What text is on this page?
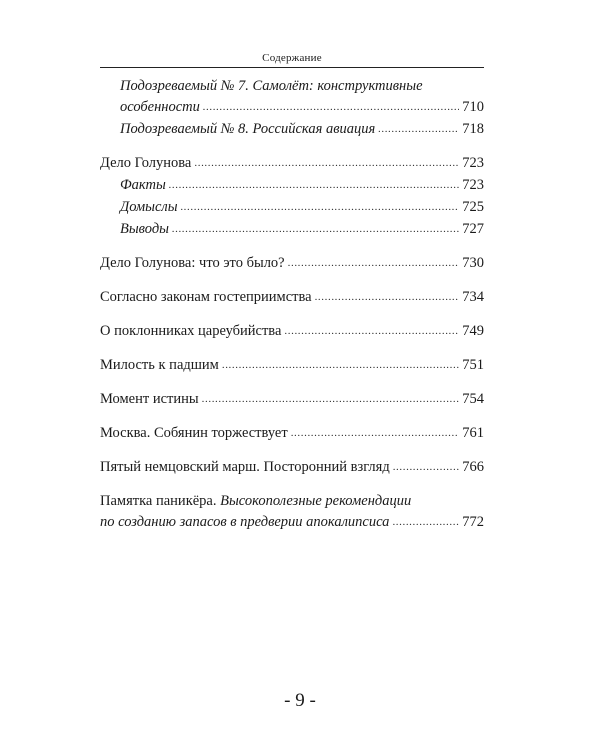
Содержание
Подозреваемый № 7. Самолёт: конструктивные
особенности .....	710
Подозреваемый № 8. Российская авиация .....	718
Дело Голунова .....	723
Факты .....	723
Домыслы .....	725
Выводы .....	727
Дело Голунова: что это было? .....	730
Согласно законам гостеприимства .....	734
О поклонниках цареубийства .....	749
Милость к падшим .....	751
Момент истины .....	754
Москва. Собянин торжествует .....	761
Пятый немцовский марш. Посторонний взгляд .....	766
Памятка паникёра. Высокополезные рекомендации
по созданию запасов в предверии апокалипсиса .....	772
- 9 -
